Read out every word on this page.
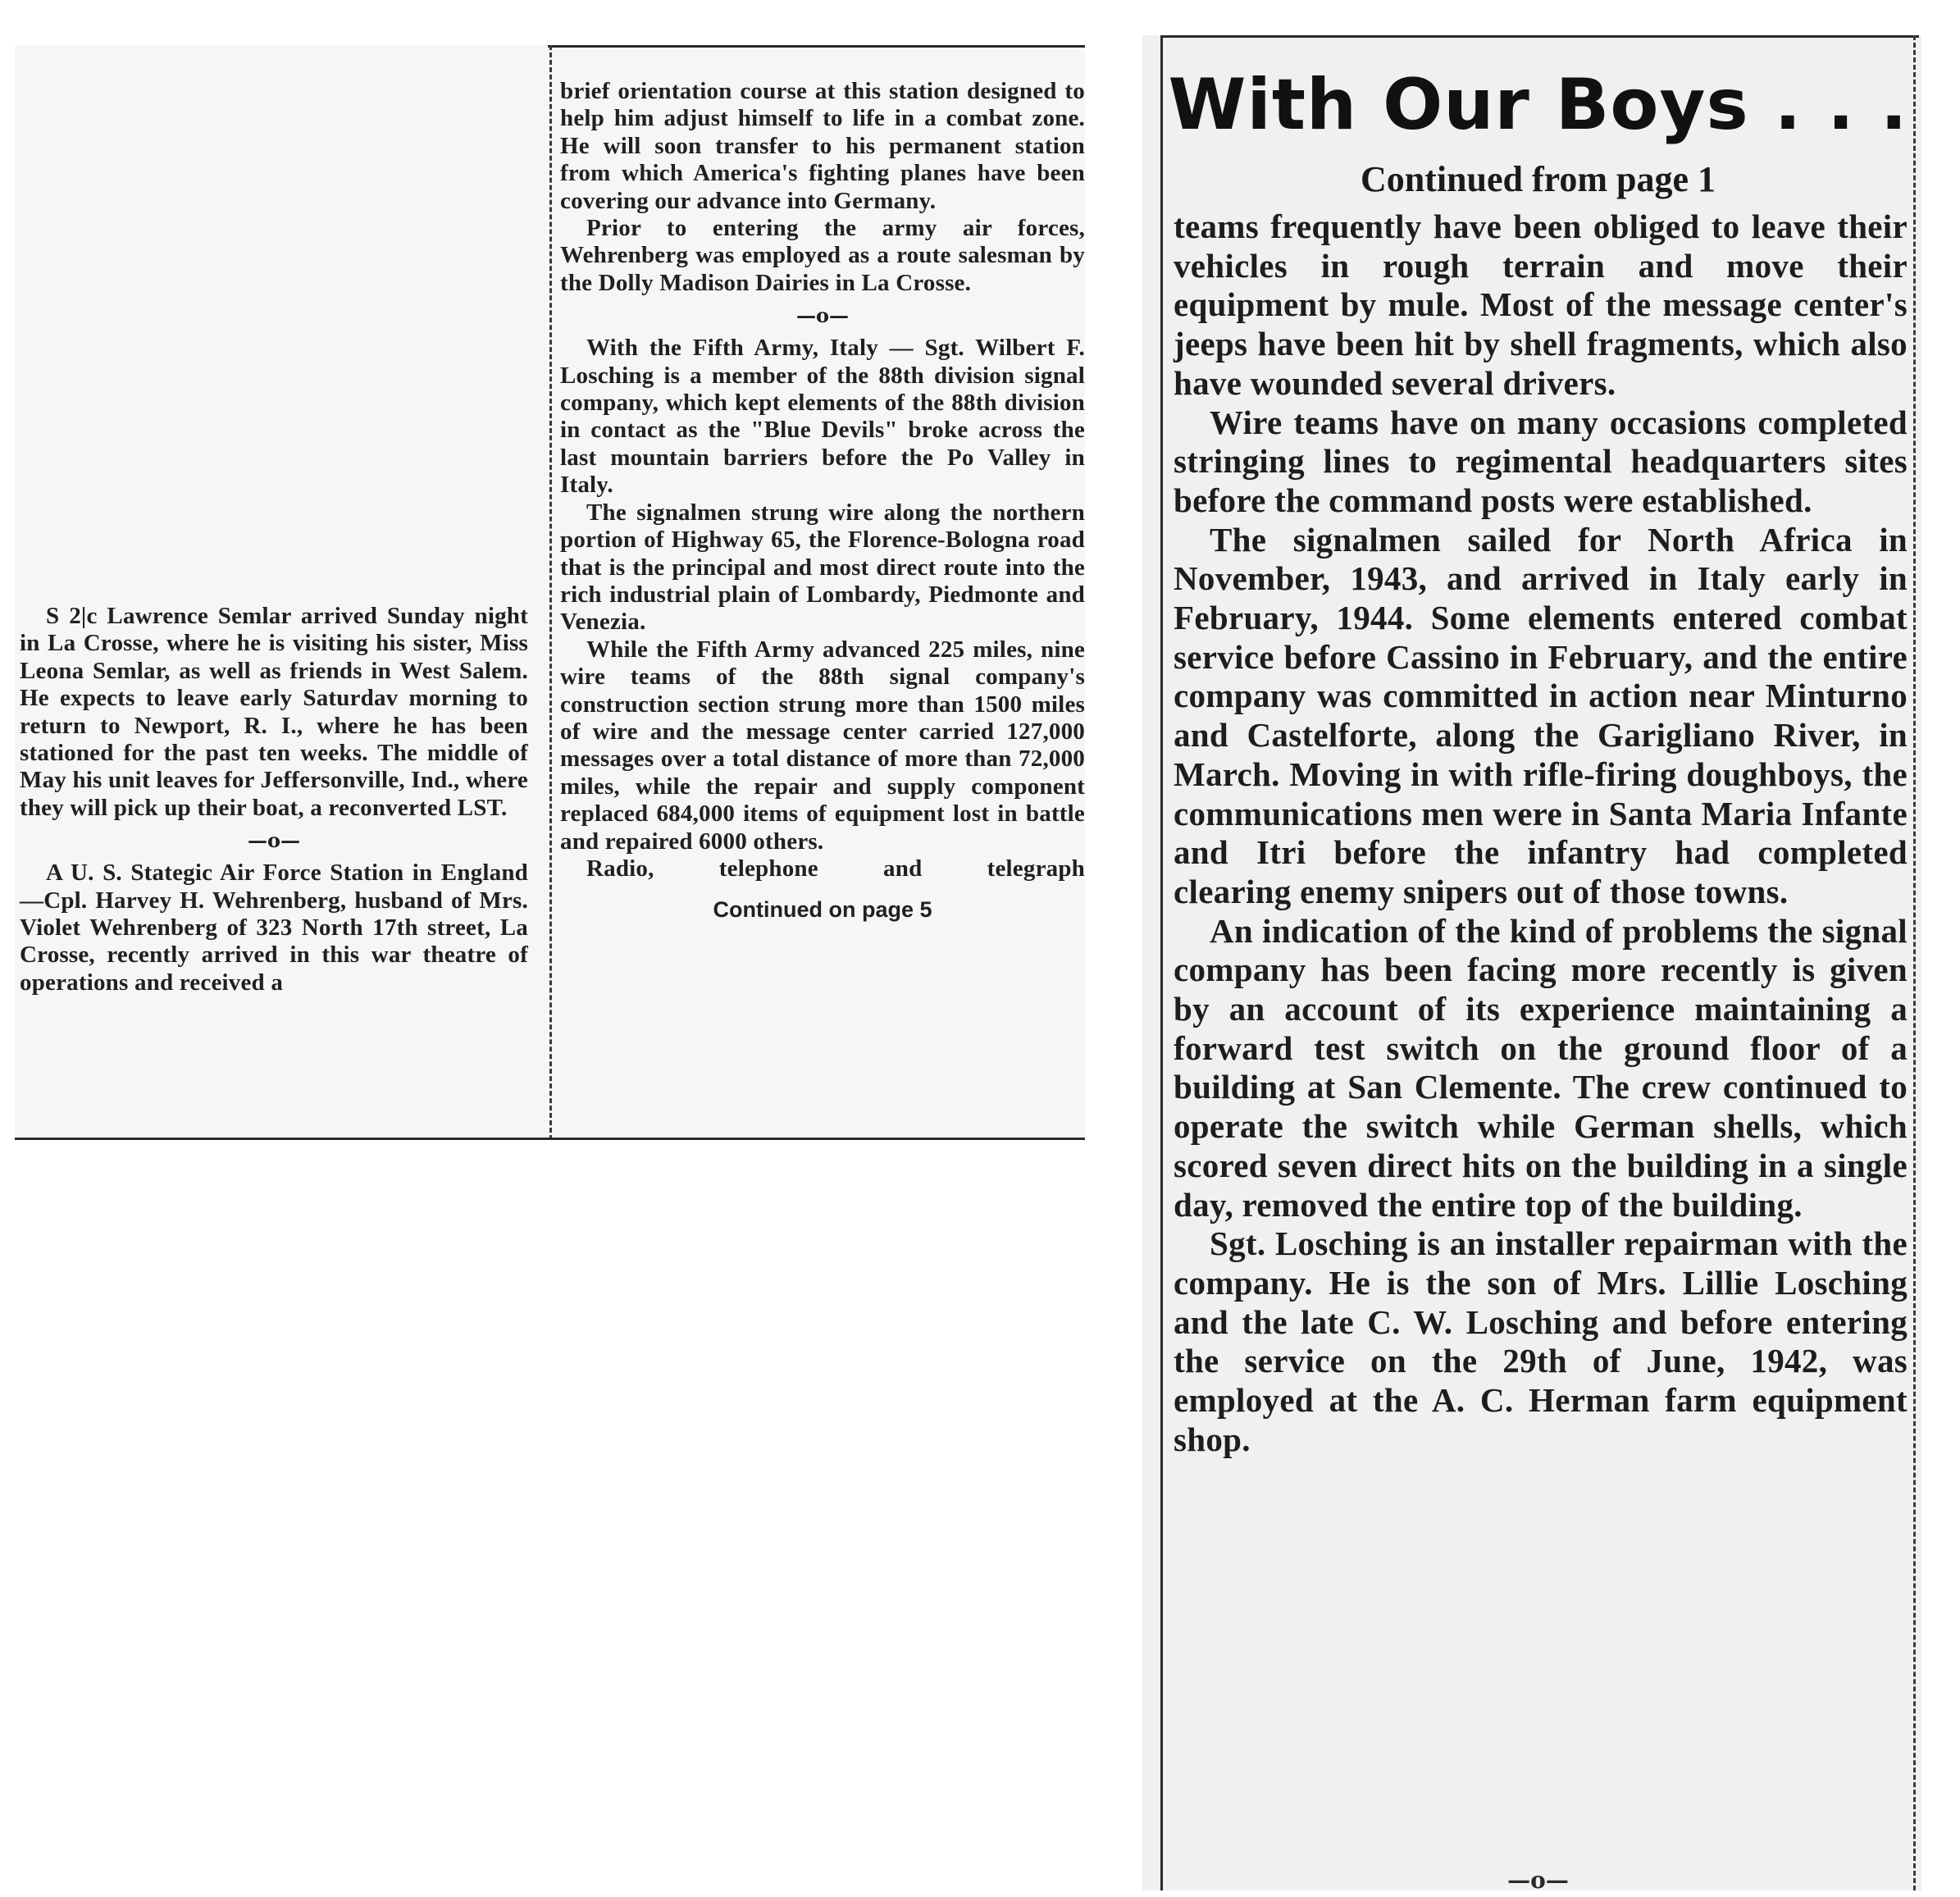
S 2|c Lawrence Semlar arrived Sunday night in La Crosse, where he is visiting his sister, Miss Leona Semlar, as well as friends in West Salem. He expects to leave early Saturdav morning to return to Newport, R. I., where he has been stationed for the past ten weeks. The middle of May his unit leaves for Jeffersonville, Ind., where they will pick up their boat, a reconverted LST.

—o—

A U. S. Stategic Air Force Station in England—Cpl. Harvey H. Wehrenberg, husband of Mrs. Violet Wehrenberg of 323 North 17th street, La Crosse, recently arrived in this war theatre of operations and received a

brief orientation course at this station designed to help him adjust himself to life in a combat zone. He will soon transfer to his permanent station from which America's fighting planes have been covering our advance into Germany.

Prior to entering the army air forces, Wehrenberg was employed as a route salesman by the Dolly Madison Dairies in La Crosse.

—o—

With the Fifth Army, Italy — Sgt. Wilbert F. Losching is a member of the 88th division signal company, which kept elements of the 88th division in contact as the "Blue Devils" broke across the last mountain barriers before the Po Valley in Italy.

The signalmen strung wire along the northern portion of Highway 65, the Florence-Bologna road that is the principal and most direct route into the rich industrial plain of Lombardy, Piedmonte and Venezia.

While the Fifth Army advanced 225 miles, nine wire teams of the 88th signal company's construction section strung more than 1500 miles of wire and the message center carried 127,000 messages over a total distance of more than 72,000 miles, while the repair and supply component replaced 684,000 items of equipment lost in battle and repaired 6000 others.

Radio, telephone and telegraph

Continued on page 5
With Our Boys . . .
Continued from page 1

teams frequently have been obliged to leave their vehicles in rough terrain and move their equipment by mule. Most of the message center's jeeps have been hit by shell fragments, which also have wounded several drivers.

Wire teams have on many occasions completed stringing lines to regimental headquarters sites before the command posts were established.

The signalmen sailed for North Africa in November, 1943, and arrived in Italy early in February, 1944. Some elements entered combat service before Cassino in February, and the entire company was committed in action near Minturno and Castelforte, along the Garigliano River, in March. Moving in with rifle-firing doughboys, the communications men were in Santa Maria Infante and Itri before the infantry had completed clearing enemy snipers out of those towns.

An indication of the kind of problems the signal company has been facing more recently is given by an account of its experience maintaining a forward test switch on the ground floor of a building at San Clemente. The crew continued to operate the switch while German shells, which scored seven direct hits on the building in a single day, removed the entire top of the building.

Sgt. Losching is an installer repairman with the company. He is the son of Mrs. Lillie Losching and the late C. W. Losching and before entering the service on the 29th of June, 1942, was employed at the A. C. Herman farm equipment shop.

—o—
